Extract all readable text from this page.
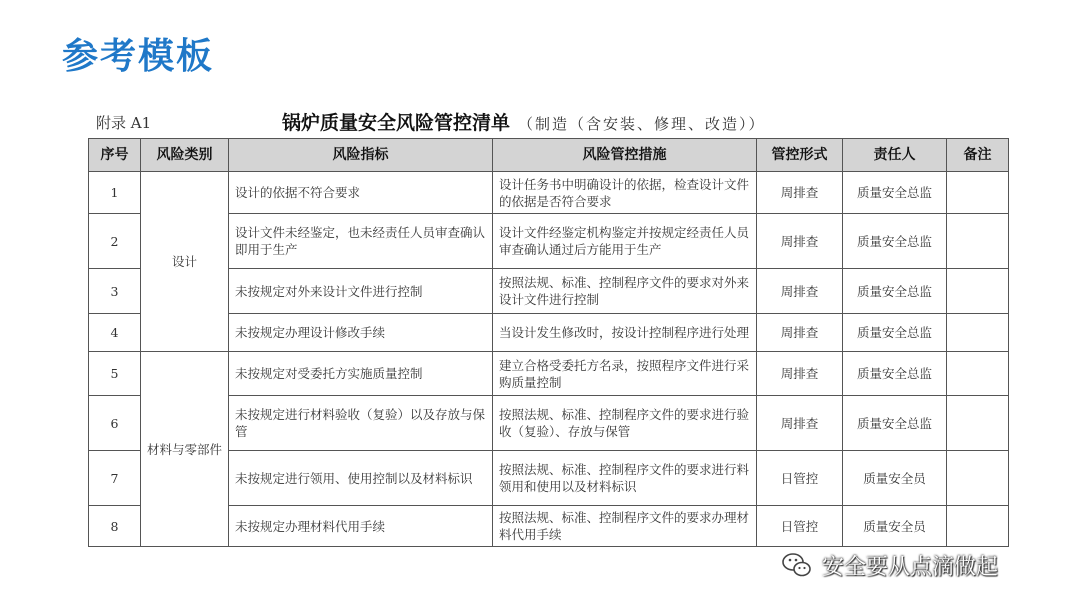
参考模板
附录 A1	锅炉质量安全风险管控清单 （制造（含安装、修理、改造））
序号	风险类别	风险指标	风险管控措施	管控形式	责任人	备注
1	设计	设计的依据不符合要求	设计任务书中明确设计的依据，检查设计文件的依据是否符合要求	周排查	质量安全总监	
2		设计文件未经鉴定，也未经责任人员审查确认即用于生产	设计文件经鉴定机构鉴定并按规定经责任人员审查确认通过后方能用于生产	周排查	质量安全总监	
3		未按规定对外来设计文件进行控制	按照法规、标准、控制程序文件的要求对外来设计文件进行控制	周排查	质量安全总监	
4		未按规定办理设计修改手续	当设计发生修改时，按设计控制程序进行处理	周排查	质量安全总监	
5	材料与零部件	未按规定对受委托方实施质量控制	建立合格受委托方名录，按照程序文件进行采购质量控制	周排查	质量安全总监	
6		未按规定进行材料验收（复验）以及存放与保管	按照法规、标准、控制程序文件的要求进行验收（复验）、存放与保管	周排查	质量安全总监	
7		未按规定进行领用、使用控制以及材料标识	按照法规、标准、控制程序文件的要求进行料领用和使用以及材料标识	日管控	质量安全员	
8		未按规定办理材料代用手续	按照法规、标准、控制程序文件的要求办理材料代用手续	日管控	质量安全员	
安全要从点滴做起
